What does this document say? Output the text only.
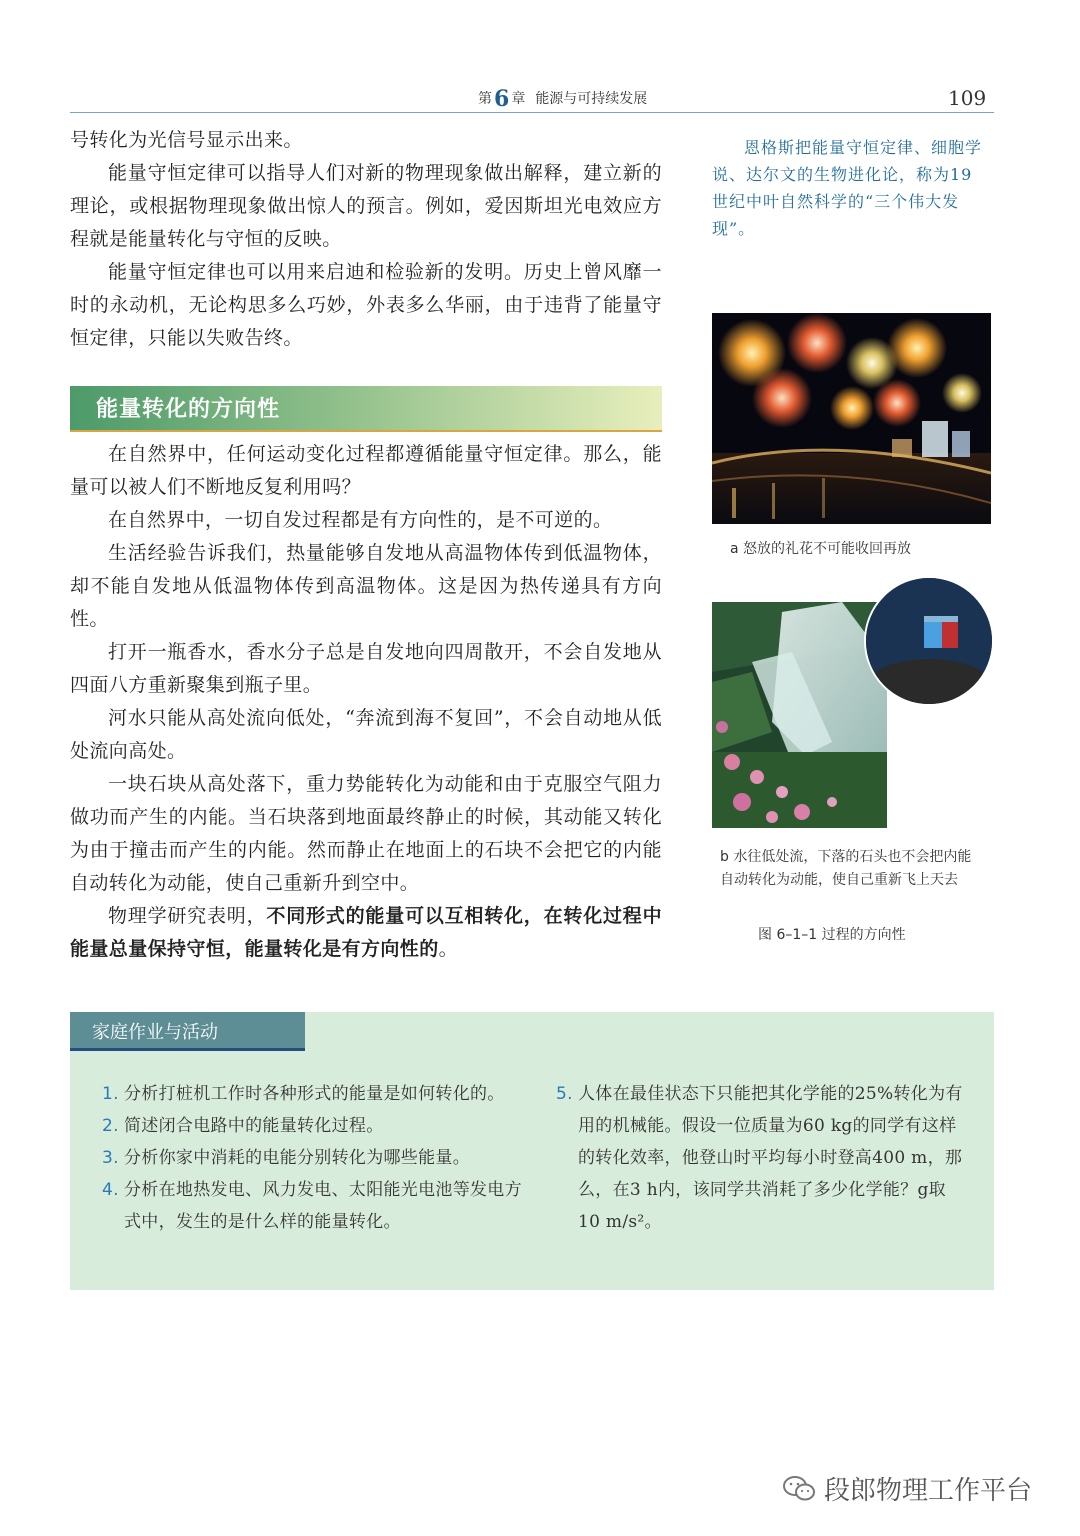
第6 章 能源与可持续发展	109

号转化为光信号显示出来。

能量守恒定律可以指导人们对新的物理现象做出解释，建立新的理论，或根据物理现象做出惊人的预言。例如，爱因斯坦光电效应方程就是能量转化与守恒的反映。

能量守恒定律也可以用来启迪和检验新的发明。历史上曾风靡一时的永动机，无论构思多么巧妙，外表多么华丽，由于违背了能量守恒定律，只能以失败告终。

能量转化的方向性

在自然界中，任何运动变化过程都遵循能量守恒定律。那么，能量可以被人们不断地反复利用吗？

在自然界中，一切自发过程都是有方向性的，是不可逆的。

生活经验告诉我们，热量能够自发地从高温物体传到低温物体，却不能自发地从低温物体传到高温物体。这是因为热传递具有方向性。

打开一瓶香水，香水分子总是自发地向四周散开，不会自发地从四面八方重新聚集到瓶子里。

河水只能从高处流向低处，“奔流到海不复回”，不会自动地从低处流向高处。

一块石块从高处落下，重力势能转化为动能和由于克服空气阻力做功而产生的内能。当石块落到地面最终静止的时候，其动能又转化为由于撞击而产生的内能。然而静止在地面上的石块不会把它的内能自动转化为动能，使自己重新升到空中。

物理学研究表明，不同形式的能量可以互相转化，在转化过程中能量总量保持守恒，能量转化是有方向性的。

恩格斯把能量守恒定律、细胞学说、达尔文的生物进化论，称为19世纪中叶自然科学的“三个伟大发现”。
a 怒放的礼花不可能收回再放
b 水往低处流，下落的石头也不会把内能自动转化为动能，使自己重新飞上天去
图 6–1–1 过程的方向性
家庭作业与活动
1. 分析打桩机工作时各种形式的能量是如何转化的。
2. 简述闭合电路中的能量转化过程。
3. 分析你家中消耗的电能分别转化为哪些能量。
4. 分析在地热发电、风力发电、太阳能光电池等发电方式中，发生的是什么样的能量转化。
5. 人体在最佳状态下只能把其化学能的25%转化为有用的机械能。假设一位质量为60 kg的同学有这样的转化效率，他登山时平均每小时登高400 m，那么，在3 h内，该同学共消耗了多少化学能？g取10 m/s²。
段郎物理工作平台
